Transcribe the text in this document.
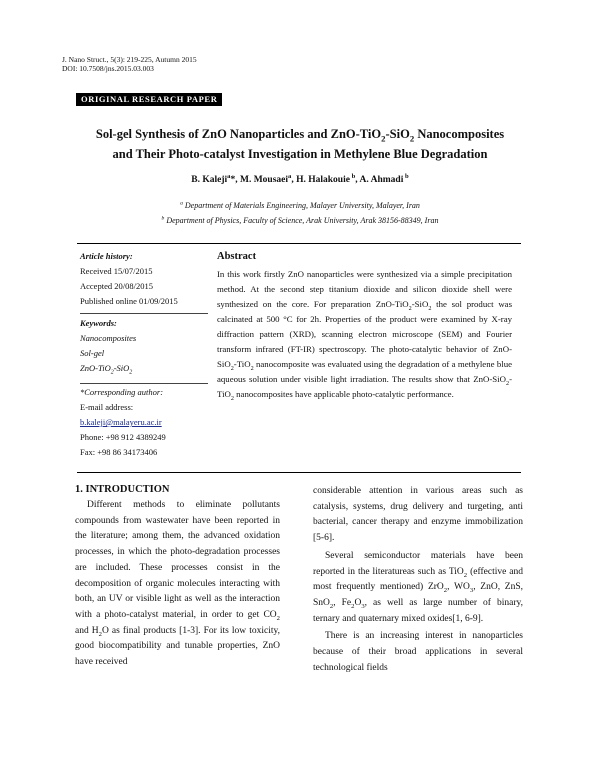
J. Nano Struct., 5(3): 219-225, Autumn 2015
DOI: 10.7508/jns.2015.03.003
ORIGINAL RESEARCH PAPER
Sol-gel Synthesis of ZnO Nanoparticles and ZnO-TiO$_2$-SiO$_2$ Nanocomposites
and Their Photo-catalyst Investigation in Methylene Blue Degradation
B. Kaleji$^a$*, M. Mousaei$^a$, H. Halakouie $^b$, A. Ahmadi $^b$
$^a$ Department of Materials Engineering, Malayer University, Malayer, Iran
$^b$ Department of Physics, Faculty of Science, Arak University, Arak 38156-88349, Iran
Article history:
Received 15/07/2015
Accepted 20/08/2015
Published online 01/09/2015
Keywords:
Nanocomposites
Sol-gel
ZnO-TiO$_2$-SiO$_2$
*Corresponding author:
E-mail address:
b.kaleji@malayeru.ac.ir
Phone: +98 912 4389249
Fax: +98 86 34173406
Abstract
In this work firstly ZnO nanoparticles were synthesized via a simple precipitation method. At the second step titanium dioxide and silicon dioxide shell were synthesized on the core. For preparation ZnO-TiO$_2$-SiO$_2$ the sol product was calcinated at 500 °C for 2h. Properties of the product were examined by X-ray diffraction pattern (XRD), scanning electron microscope (SEM) and Fourier transform infrared (FT-IR) spectroscopy. The photo-catalytic behavior of ZnO-SiO$_2$-TiO$_2$ nanocomposite was evaluated using the degradation of a methylene blue aqueous solution under visible light irradiation. The results show that ZnO-SiO$_2$-TiO$_2$ nanocomposites have applicable photo-catalytic performance.
1. INTRODUCTION

Different methods to eliminate pollutants compounds from wastewater have been reported in the literature; among them, the advanced oxidation processes, in which the photo-degradation processes are included. These processes consist in the decomposition of organic molecules interacting with both, an UV or visible light as well as the interaction with a photo-catalyst material, in order to get $CO_2$ and $H_2O$ as final products [1-3]. For its low toxicity, good biocompatibility and tunable properties, ZnO have received

considerable attention in various areas such as catalysis, systems, drug delivery and turgeting, anti bacterial, cancer therapy and enzyme immobilization [5-6].

Several semiconductor materials have been reported in the literatureas such as TiO$_2$ (effective and most frequently mentioned) ZrO$_2$, $WO_3$, ZnO, ZnS, SnO$_2$, $Fe_2O_3$, as well as large number of binary, ternary and quaternary mixed oxides[1, 6-9].

There is an increasing interest in nanoparticles because of their broad applications in several technological fields
